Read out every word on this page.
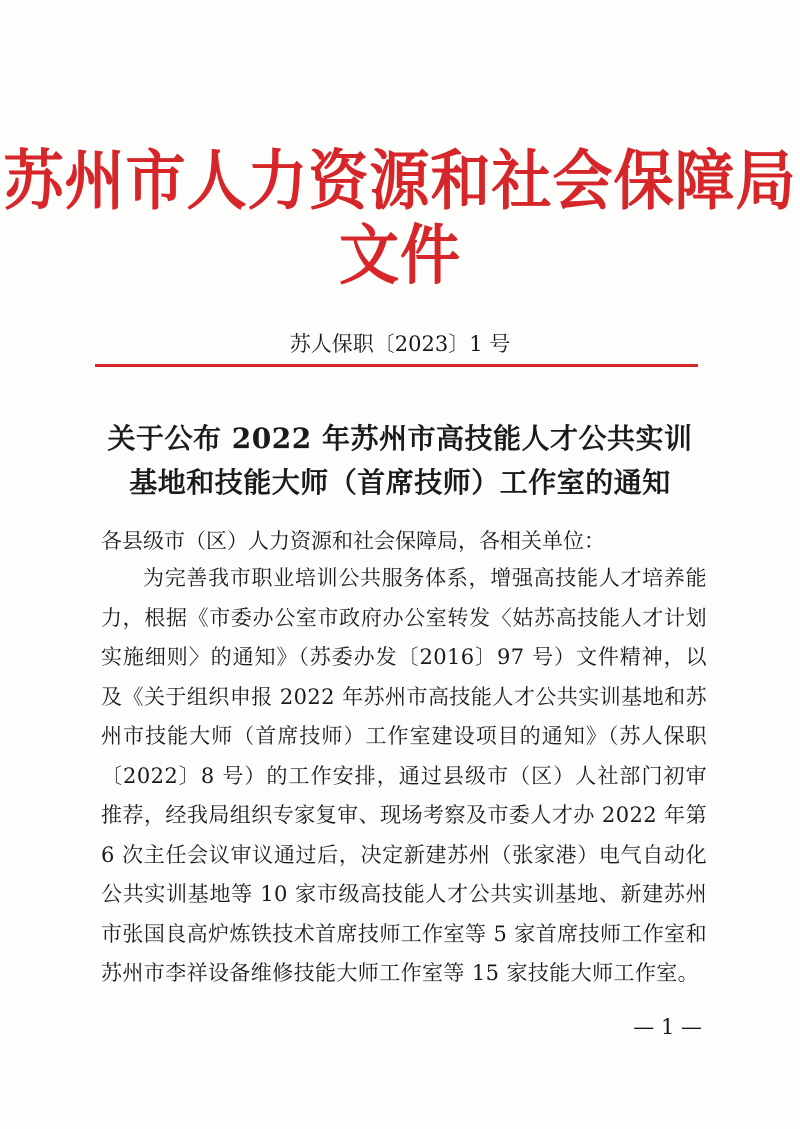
苏州市人力资源和社会保障局文件
苏人保职〔2023〕1 号
关于公布 2022 年苏州市高技能人才公共实训
基地和技能大师（首席技师）工作室的通知
各县级市（区）人力资源和社会保障局，各相关单位：
为完善我市职业培训公共服务体系，增强高技能人才培养能力，根据《市委办公室市政府办公室转发〈姑苏高技能人才计划实施细则〉的通知》（苏委办发〔2016〕97 号）文件精神，以及《关于组织申报 2022 年苏州市高技能人才公共实训基地和苏州市技能大师（首席技师）工作室建设项目的通知》（苏人保职〔2022〕8 号）的工作安排，通过县级市（区）人社部门初审推荐，经我局组织专家复审、现场考察及市委人才办 2022 年第 6 次主任会议审议通过后，决定新建苏州（张家港）电气自动化公共实训基地等 10 家市级高技能人才公共实训基地、新建苏州市张国良高炉炼铁技术首席技师工作室等 5 家首席技师工作室和苏州市李祥设备维修技能大师工作室等 15 家技能大师工作室。
— 1 —
